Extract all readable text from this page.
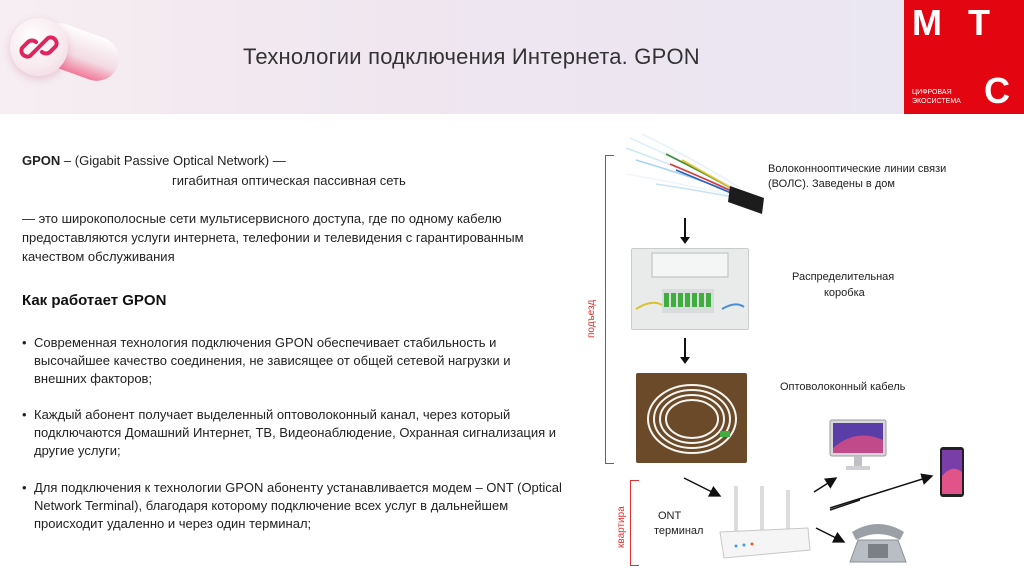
Технологии подключения Интернета. GPON
М Т
С
ЦИФРОВАЯ
ЭКОСИСТЕМА
GPON – (Gigabit Passive Optical Network) —
гигабитная оптическая пассивная сеть
— это широкополосные сети мультисервисного доступа, где по одному кабелю
предоставляются услуги интернета, телефонии и телевидения с гарантированным
качеством обслуживания
Как работает GPON
• Современная технология подключения GPON обеспечивает стабильность и
высочайшее качество соединения, не зависящее от общей сетевой нагрузки и
внешних факторов;
• Каждый абонент получает выделенный оптоволоконный канал, через который
подключаются Домашний Интернет, ТВ, Видеонаблюдение, Охранная сигнализация и
другие услуги;
• Для подключения к технологии GPON абоненту устанавливается модем – ONT (Optical
Network Terminal), благодаря которому подключение всех услуг в дальнейшем
происходит удаленно и через один терминал;
подъезд
квартира
Волоконнооптические линии связи
(ВОЛС). Заведены в дом
Распределительная
коробка
Оптоволоконный кабель
ONT
терминал
